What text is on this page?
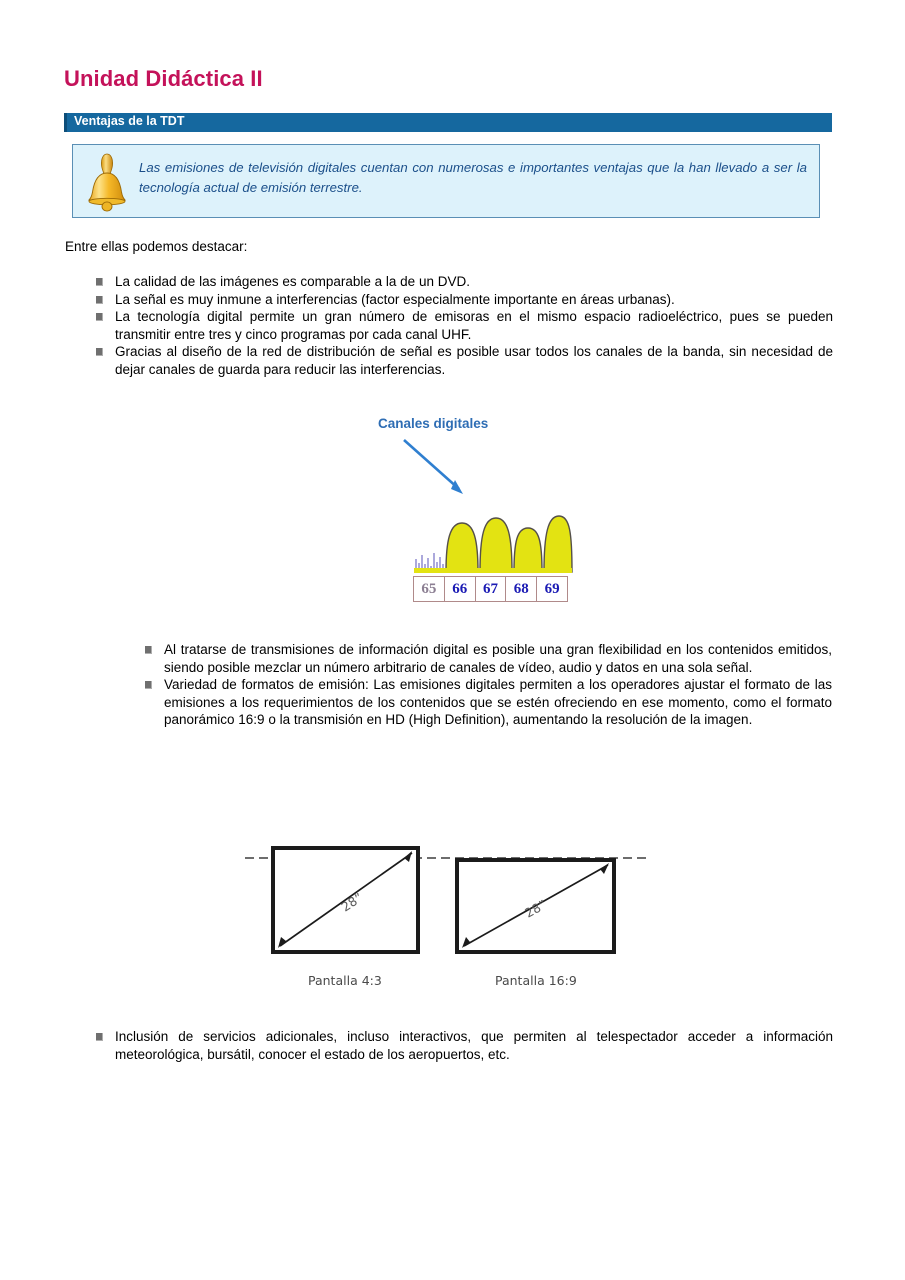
Unidad Didáctica II
Ventajas de la TDT
Las emisiones de televisión digitales cuentan con numerosas e importantes ventajas que la han llevado a ser la tecnología actual de emisión terrestre.
Entre ellas podemos destacar:
La calidad de las imágenes es comparable a la de un DVD.
La señal es muy inmune a interferencias (factor especialmente importante en áreas urbanas).
La tecnología digital permite un gran número de emisoras en el mismo espacio radioeléctrico, pues se pueden transmitir entre tres y cinco programas por cada canal UHF.
Gracias al diseño de la red de distribución de señal es posible usar todos los canales de la banda, sin necesidad de dejar canales de guarda para reducir las interferencias.
Canales digitales
65	66	67	68	69
Al tratarse de transmisiones de información digital es posible una gran flexibilidad en los contenidos emitidos, siendo posible mezclar un número arbitrario de canales de vídeo, audio y datos en una sola señal.
Variedad de formatos de emisión: Las emisiones digitales permiten a los operadores ajustar el formato de las emisiones a los requerimientos de los contenidos que se estén ofreciendo en ese momento, como el formato panorámico 16:9 o la transmisión en HD (High Definition), aumentando la resolución de la imagen.
28”	28”
Pantalla 4:3	Pantalla 16:9
Inclusión de servicios adicionales, incluso interactivos, que permiten al telespectador acceder a información meteorológica, bursátil, conocer el estado de los aeropuertos, etc.
